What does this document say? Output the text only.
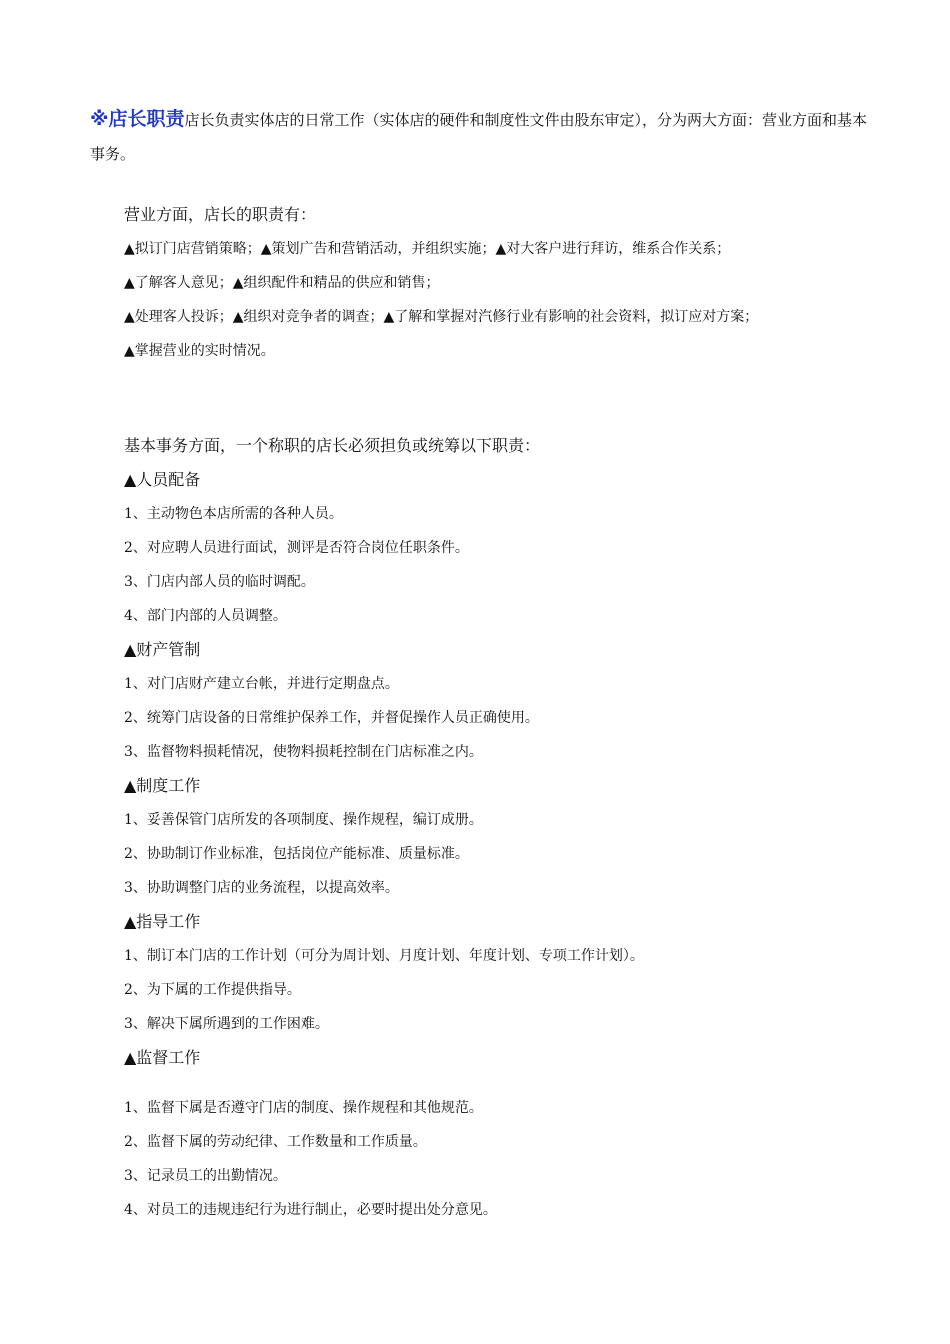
※店长职责店长负责实体店的日常工作（实体店的硬件和制度性文件由股东审定），分为两大方面：营业方面和基本事务。

营业方面，店长的职责有：

▲拟订门店营销策略；▲策划广告和营销活动，并组织实施；▲对大客户进行拜访，维系合作关系；

▲了解客人意见；▲组织配件和精品的供应和销售；

▲处理客人投诉；▲组织对竞争者的调查；▲了解和掌握对汽修行业有影响的社会资料，拟订应对方案；

▲掌握营业的实时情况。

基本事务方面，一个称职的店长必须担负或统筹以下职责：

▲人员配备

1、主动物色本店所需的各种人员。

2、对应聘人员进行面试，测评是否符合岗位任职条件。

3、门店内部人员的临时调配。

4、部门内部的人员调整。

▲财产管制

1、对门店财产建立台帐，并进行定期盘点。

2、统筹门店设备的日常维护保养工作，并督促操作人员正确使用。

3、监督物料损耗情况，使物料损耗控制在门店标准之内。

▲制度工作

1、妥善保管门店所发的各项制度、操作规程，编订成册。

2、协助制订作业标准，包括岗位产能标准、质量标准。

3、协助调整门店的业务流程，以提高效率。

▲指导工作

1、制订本门店的工作计划（可分为周计划、月度计划、年度计划、专项工作计划）。

2、为下属的工作提供指导。

3、解决下属所遇到的工作困难。

▲监督工作

1、监督下属是否遵守门店的制度、操作规程和其他规范。

2、监督下属的劳动纪律、工作数量和工作质量。

3、记录员工的出勤情况。

4、对员工的违规违纪行为进行制止，必要时提出处分意见。
